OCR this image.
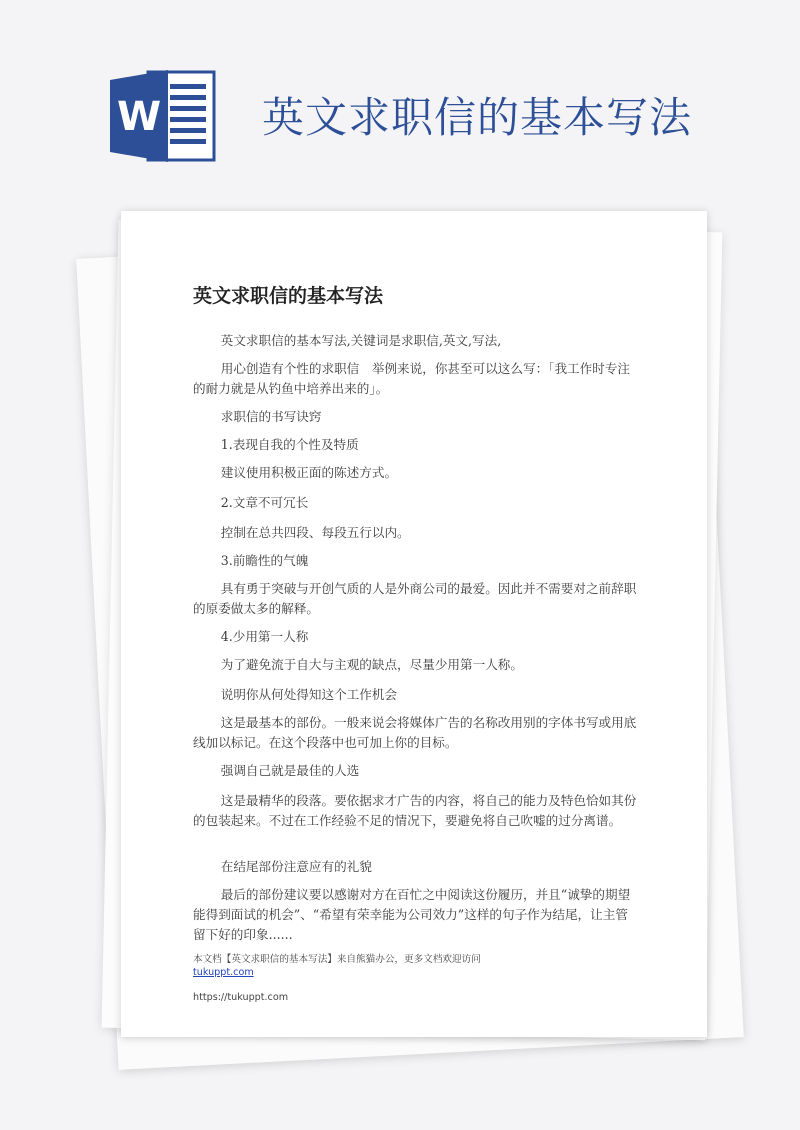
W 英文求职信的基本写法
英文求职信的基本写法

英文求职信的基本写法,关键词是求职信,英文,写法,

用心创造有个性的求职信　举例来说，你甚至可以这么写：「我工作时专注的耐力就是从钓鱼中培养出来的」。

求职信的书写诀窍

1.表现自我的个性及特质

建议使用积极正面的陈述方式。

2.文章不可冗长

控制在总共四段、每段五行以内。

3.前瞻性的气魄

具有勇于突破与开创气质的人是外商公司的最爱。因此并不需要对之前辞职的原委做太多的解释。

4.少用第一人称

为了避免流于自大与主观的缺点，尽量少用第一人称。

说明你从何处得知这个工作机会

这是最基本的部份。一般来说会将媒体广告的名称改用别的字体书写或用底线加以标记。在这个段落中也可加上你的目标。

强调自己就是最佳的人选

这是最精华的段落。要依据求才广告的内容，将自己的能力及特色恰如其份的包装起来。不过在工作经验不足的情况下，要避免将自己吹嘘的过分离谱。

在结尾部份注意应有的礼貌

最后的部份建议要以感谢对方在百忙之中阅读这份履历，并且“诚挚的期望能得到面试的机会”、“希望有荣幸能为公司效力”这样的句子作为结尾，让主管留下好的印象......

本文档【英文求职信的基本写法】来自熊猫办公，更多文档欢迎访问
tukuppt.com
https://tukuppt.com
